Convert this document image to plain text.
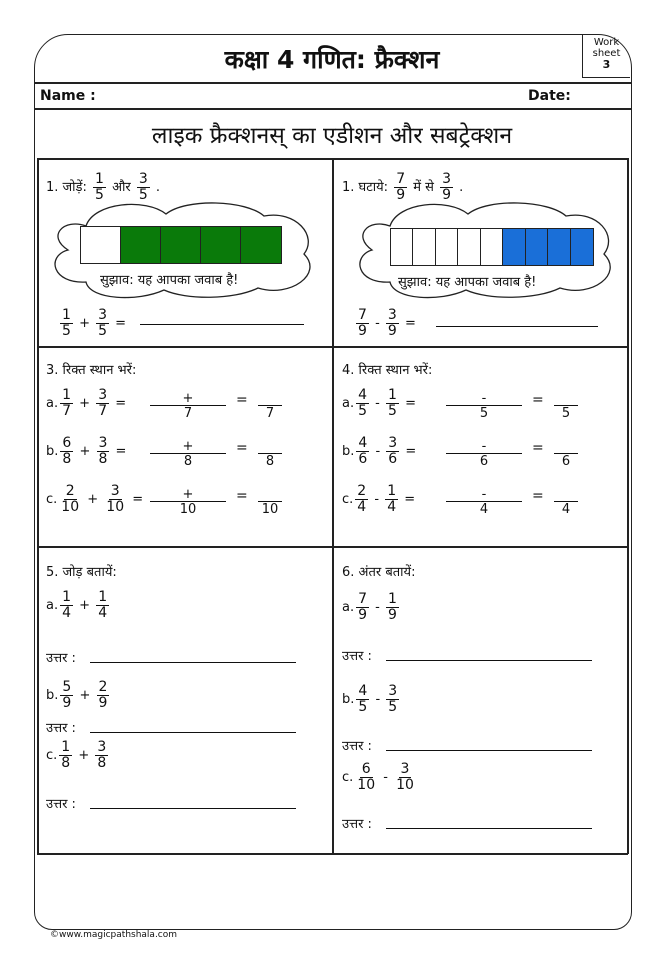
कक्षा 4 गणित: फ्रैक्शन
Work sheet
3
Name :	Date:
लाइक फ्रैक्शनस् का एडीशन और सबट्रेक्शन
1. जोड़ें: $\frac{1}{5}$ और $\frac{3}{5}$ .
सुझाव: यह आपका जवाब है!
$\frac{1}{5} + \frac{3}{5}$ =
1. घटाये: $\frac{7}{9}$ में से $\frac{3}{9}$ .
सुझाव: यह आपका जवाब है!
$\frac{7}{9} - \frac{3}{9}$ =
3. रिक्त स्थान भरें:	4. रिक्त स्थान भरें:
a. $\frac{1}{7} + \frac{3}{7}$ =	+
7
=
7
b. $\frac{6}{8} + \frac{3}{8}$ =	+
8
=
8
c. $\frac{2}{10} + \frac{3}{10}$ =	+
10
=
10
a. $\frac{4}{5} - \frac{1}{5}$ =	-
5
=
5
b. $\frac{4}{6} - \frac{3}{6}$ =	-
6
=
6
c. $\frac{2}{4} - \frac{1}{4}$ =	-
4
=
4
5. जोड़ बतायें:	6. अंतर बतायें:
a. $\frac{1}{4} + \frac{1}{4}$
उत्तर :
b. $\frac{5}{9} + \frac{2}{9}$
उत्तर :
c. $\frac{1}{8} + \frac{3}{8}$
उत्तर :
a. $\frac{7}{9} - \frac{1}{9}$
उत्तर :
b. $\frac{4}{5} - \frac{3}{5}$
उत्तर :
c. $\frac{6}{10} - \frac{3}{10}$
उत्तर :
©www.magicpathshala.com
